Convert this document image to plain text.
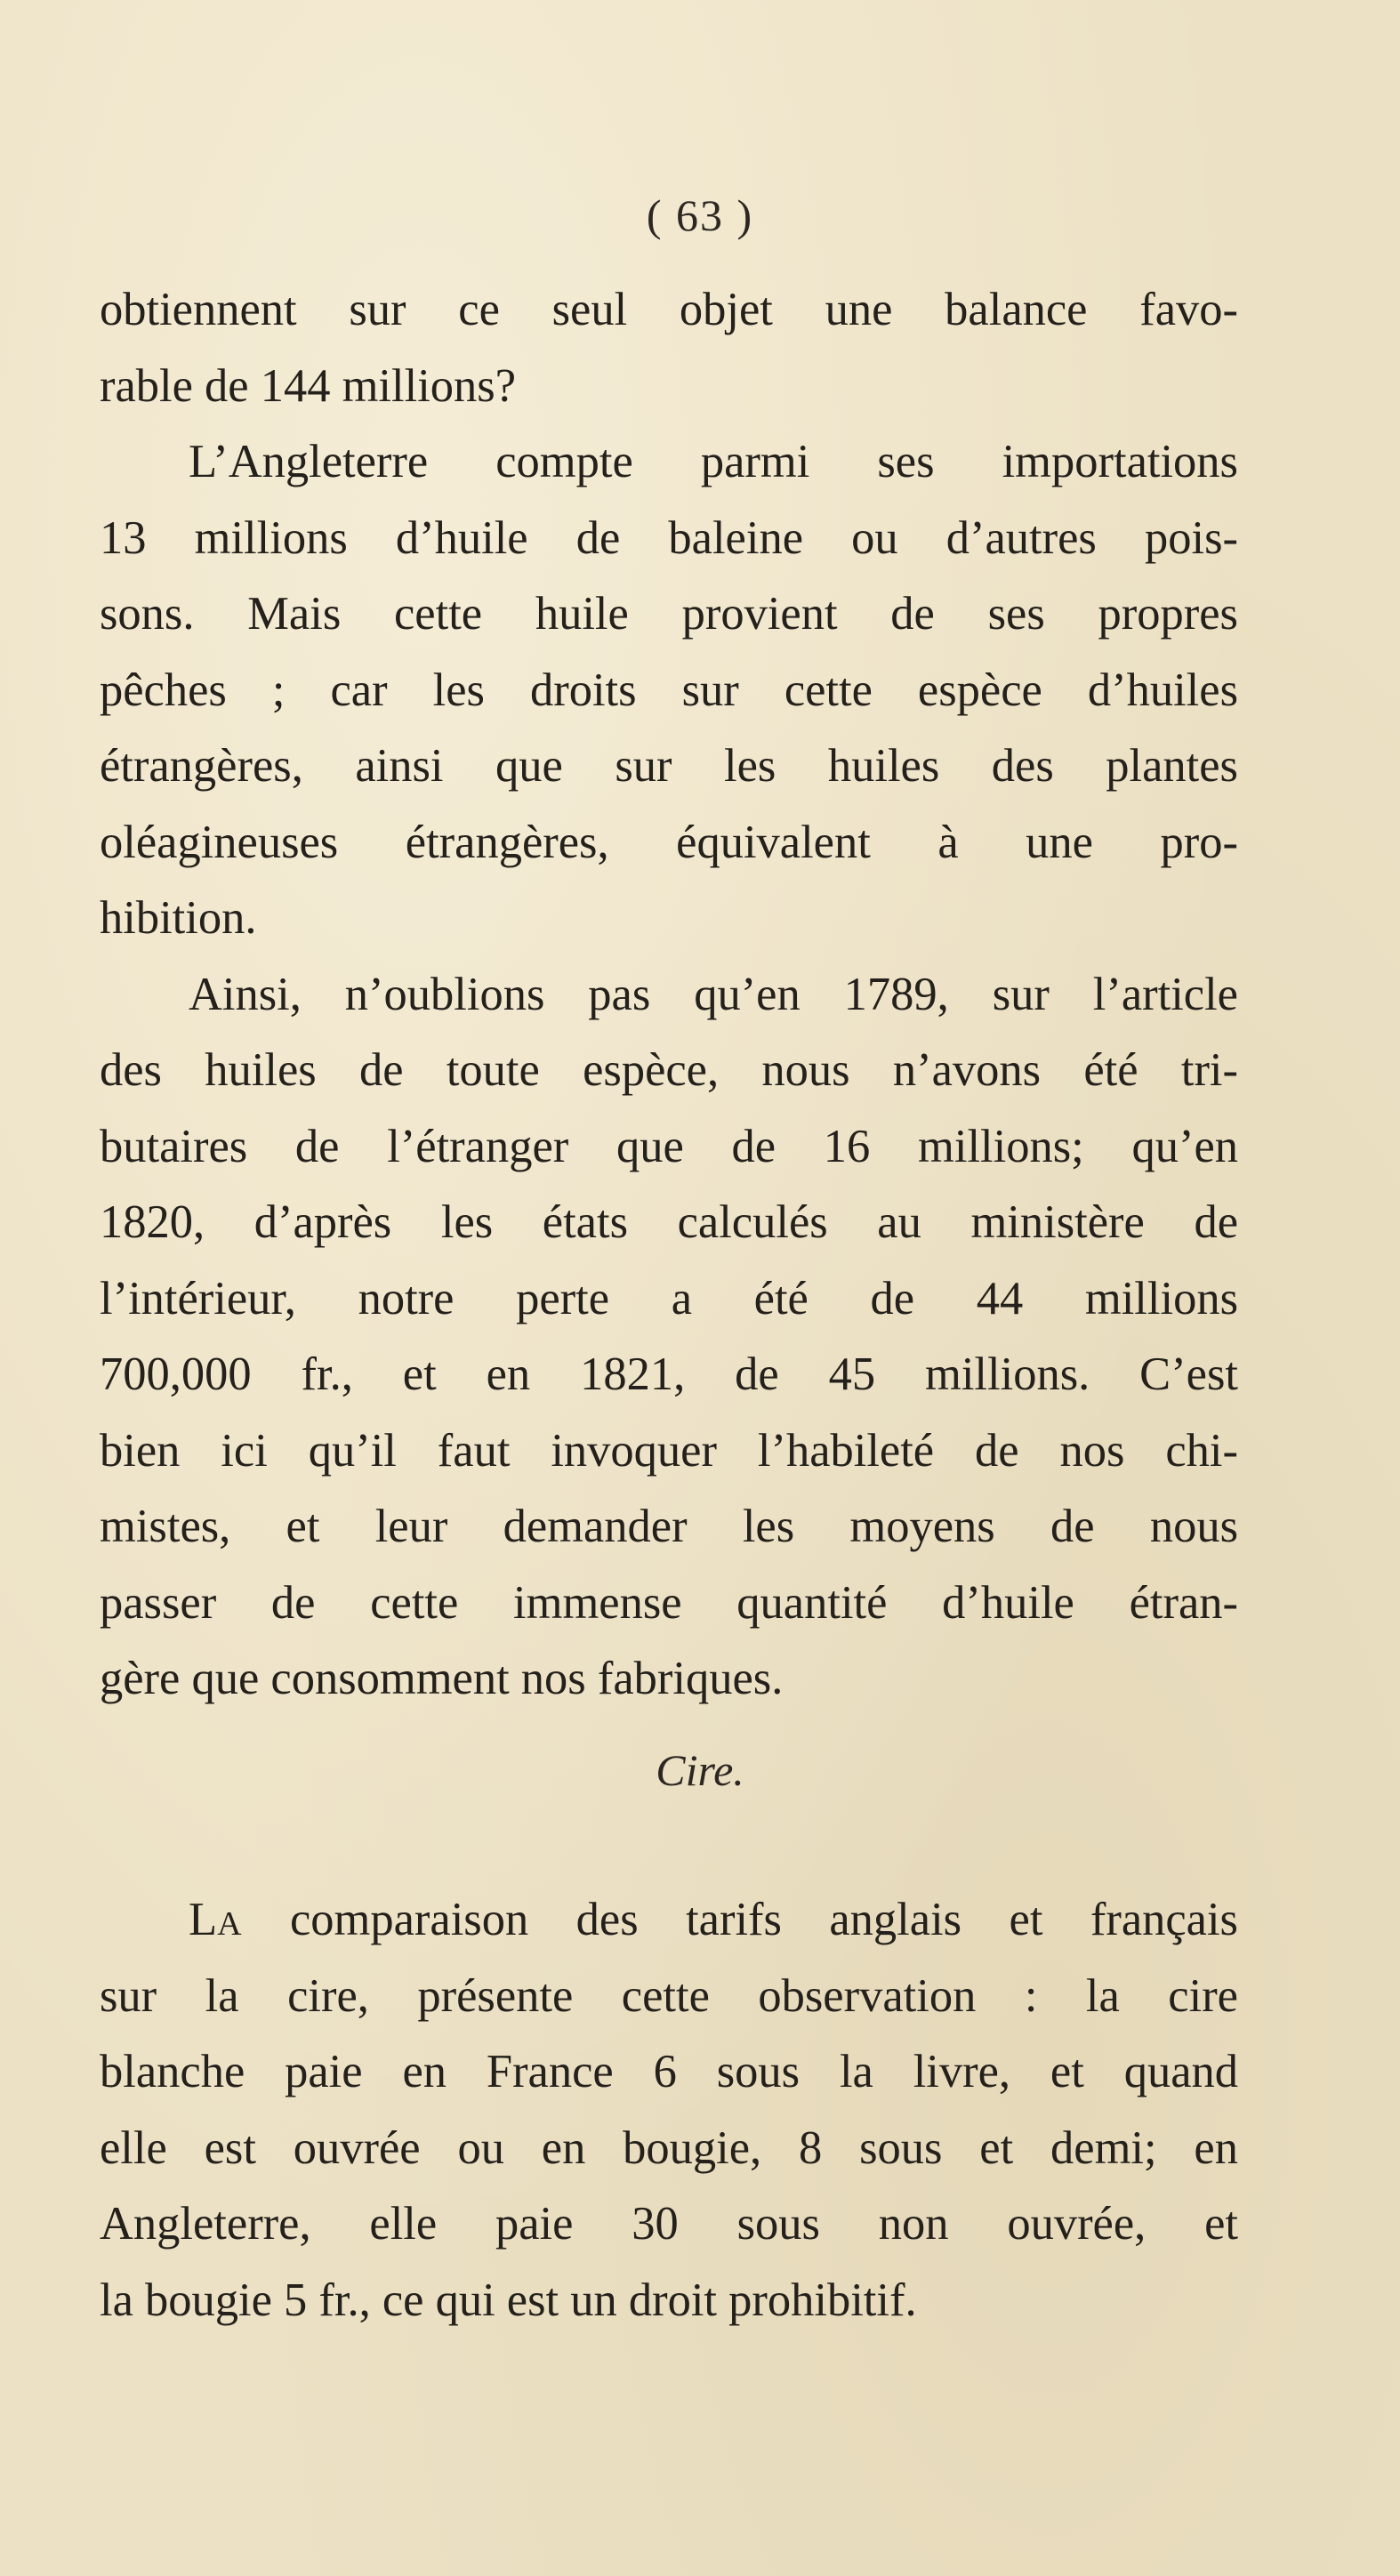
( 63 )
obtiennent sur ce seul objet une balance favo-
rable de 144 millions?
L’Angleterre compte parmi ses importations
13 millions d’huile de baleine ou d’autres pois-
sons. Mais cette huile provient de ses propres
pêches ; car les droits sur cette espèce d’huiles
étrangères, ainsi que sur les huiles des plantes
oléagineuses étrangères, équivalent à une pro-
hibition.
Ainsi, n’oublions pas qu’en 1789, sur l’article
des huiles de toute espèce, nous n’avons été tri-
butaires de l’étranger que de 16 millions; qu’en
1820, d’après les états calculés au ministère de
l’intérieur, notre perte a été de 44 millions
700,000 fr., et en 1821, de 45 millions. C’est
bien ici qu’il faut invoquer l’habileté de nos chi-
mistes, et leur demander les moyens de nous
passer de cette immense quantité d’huile étran-
gère que consomment nos fabriques.
Cire.
LA comparaison des tarifs anglais et français
sur la cire, présente cette observation : la cire
blanche paie en France 6 sous la livre, et quand
elle est ouvrée ou en bougie, 8 sous et demi; en
Angleterre, elle paie 30 sous non ouvrée, et
la bougie 5 fr., ce qui est un droit prohibitif.
